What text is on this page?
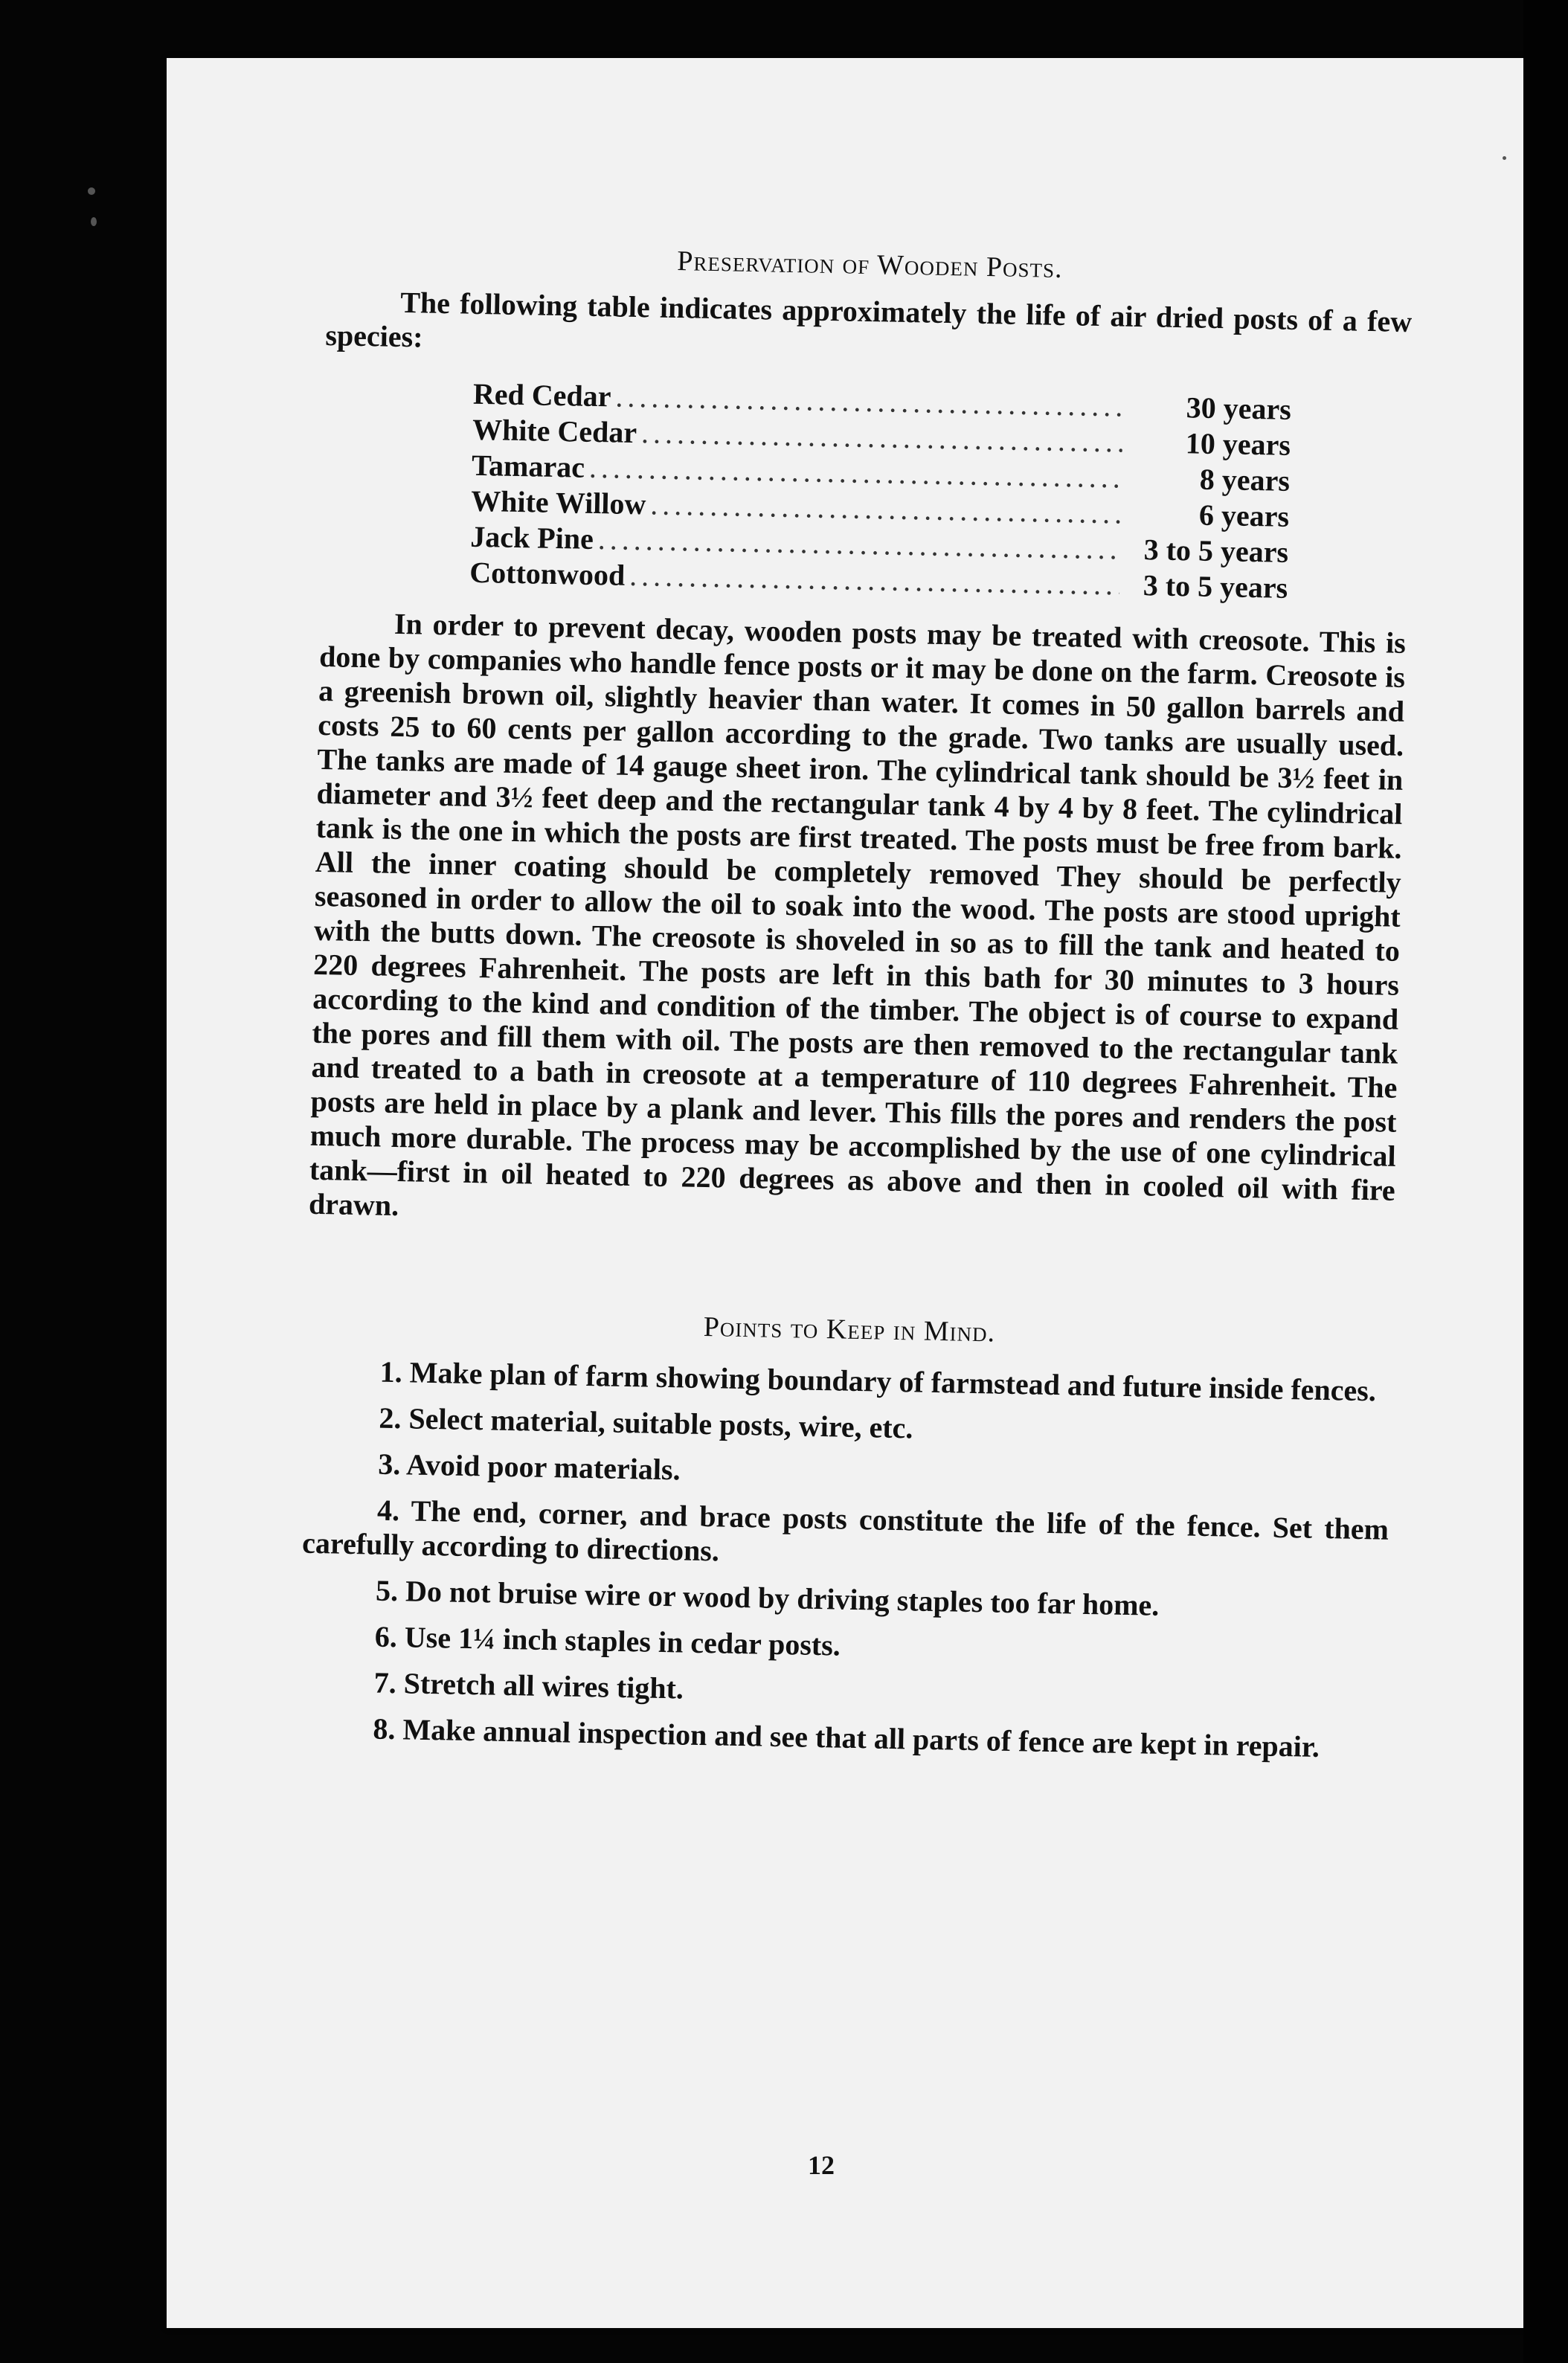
Preservation of Wooden Posts.

The following table indicates approximately the life of air dried posts of a few species:

Red Cedar .....	30 years
White Cedar .....	10 years
Tamarac .....	8 years
White Willow .....	6 years
Jack Pine .....	3 to 5 years
Cottonwood .....	3 to 5 years

In order to prevent decay, wooden posts may be treated with creosote. This is done by companies who handle fence posts or it may be done on the farm. Creosote is a greenish brown oil, slightly heavier than water. It comes in 50 gallon barrels and costs 25 to 60 cents per gallon according to the grade. Two tanks are usually used. The tanks are made of 14 gauge sheet iron. The cylindrical tank should be 3½ feet in diameter and 3½ feet deep and the rectangular tank 4 by 4 by 8 feet. The cylindrical tank is the one in which the posts are first treated. The posts must be free from bark. All the inner coating should be completely removed They should be perfectly seasoned in order to allow the oil to soak into the wood. The posts are stood upright with the butts down. The creosote is shoveled in so as to fill the tank and heated to 220 degrees Fahrenheit. The posts are left in this bath for 30 minutes to 3 hours according to the kind and condition of the timber. The object is of course to expand the pores and fill them with oil. The posts are then removed to the rectangular tank and treated to a bath in creosote at a temperature of 110 degrees Fahrenheit. The posts are held in place by a plank and lever. This fills the pores and renders the post much more durable. The process may be accomplished by the use of one cylindrical tank—first in oil heated to 220 degrees as above and then in cooled oil with fire drawn.

Points to Keep in Mind.
1. Make plan of farm showing boundary of farmstead and future inside fences.
2. Select material, suitable posts, wire, etc.
3. Avoid poor materials.
4. The end, corner, and brace posts constitute the life of the fence. Set them carefully according to directions.
5. Do not bruise wire or wood by driving staples too far home.
6. Use 1¼ inch staples in cedar posts.
7. Stretch all wires tight.
8. Make annual inspection and see that all parts of fence are kept in repair.
12
